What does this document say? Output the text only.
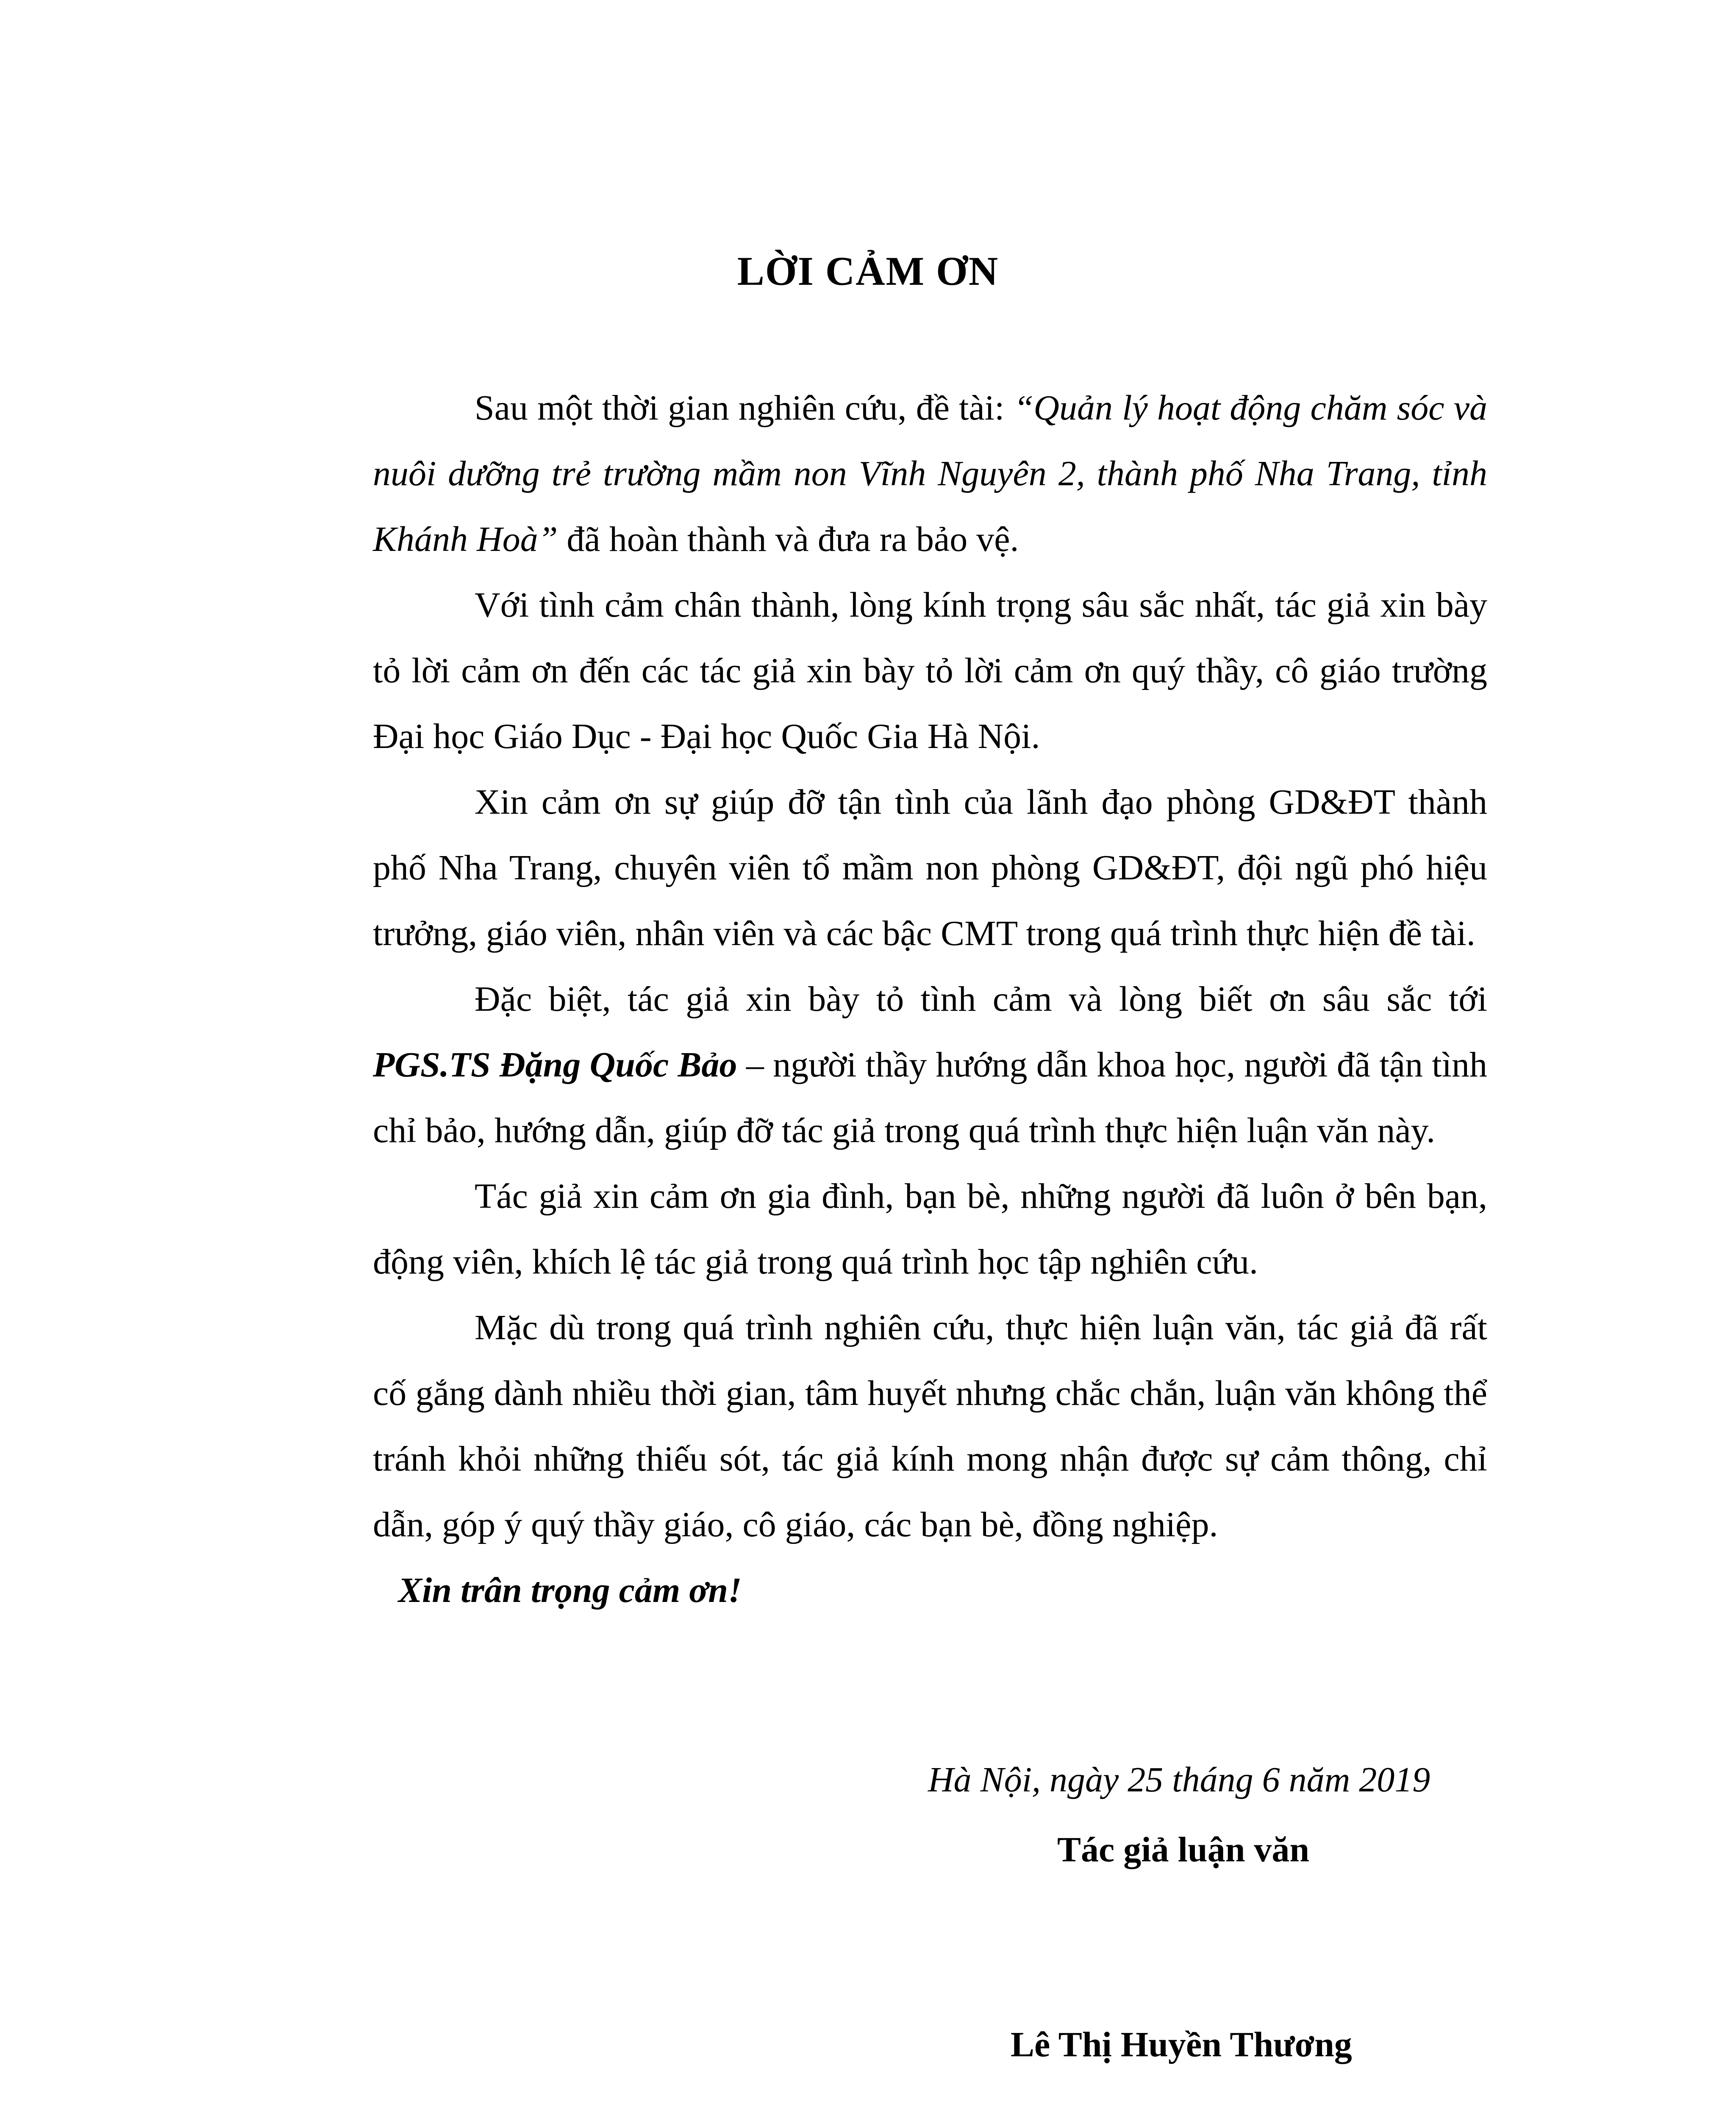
LỜI CẢM ƠN

Sau một thời gian nghiên cứu, đề tài: “Quản lý hoạt động chăm sóc và nuôi dưỡng trẻ trường mầm non Vĩnh Nguyên 2, thành phố Nha Trang, tỉnh Khánh Hoà” đã hoàn thành và đưa ra bảo vệ.

Với tình cảm chân thành, lòng kính trọng sâu sắc nhất, tác giả xin bày tỏ lời cảm ơn đến các tác giả xin bày tỏ lời cảm ơn quý thầy, cô giáo trường Đại học Giáo Dục - Đại học Quốc Gia Hà Nội.

Xin cảm ơn sự giúp đỡ tận tình của lãnh đạo phòng GD&ĐT thành phố Nha Trang, chuyên viên tổ mầm non phòng GD&ĐT, đội ngũ phó hiệu trưởng, giáo viên, nhân viên và các bậc CMT trong quá trình thực hiện đề tài.

Đặc biệt, tác giả xin bày tỏ tình cảm và lòng biết ơn sâu sắc tới PGS.TS Đặng Quốc Bảo – người thầy hướng dẫn khoa học, người đã tận tình chỉ bảo, hướng dẫn, giúp đỡ tác giả trong quá trình thực hiện luận văn này.

Tác giả xin cảm ơn gia đình, bạn bè, những người đã luôn ở bên bạn, động viên, khích lệ tác giả trong quá trình học tập nghiên cứu.

Mặc dù trong quá trình nghiên cứu, thực hiện luận văn, tác giả đã rất cố gắng dành nhiều thời gian, tâm huyết nhưng chắc chắn, luận văn không thể tránh khỏi những thiếu sót, tác giả kính mong nhận được sự cảm thông, chỉ dẫn, góp ý quý thầy giáo, cô giáo, các bạn bè, đồng nghiệp.

Xin trân trọng cảm ơn!

Hà Nội, ngày 25 tháng 6 năm 2019
Tác giả luận văn
Lê Thị Huyền Thương
